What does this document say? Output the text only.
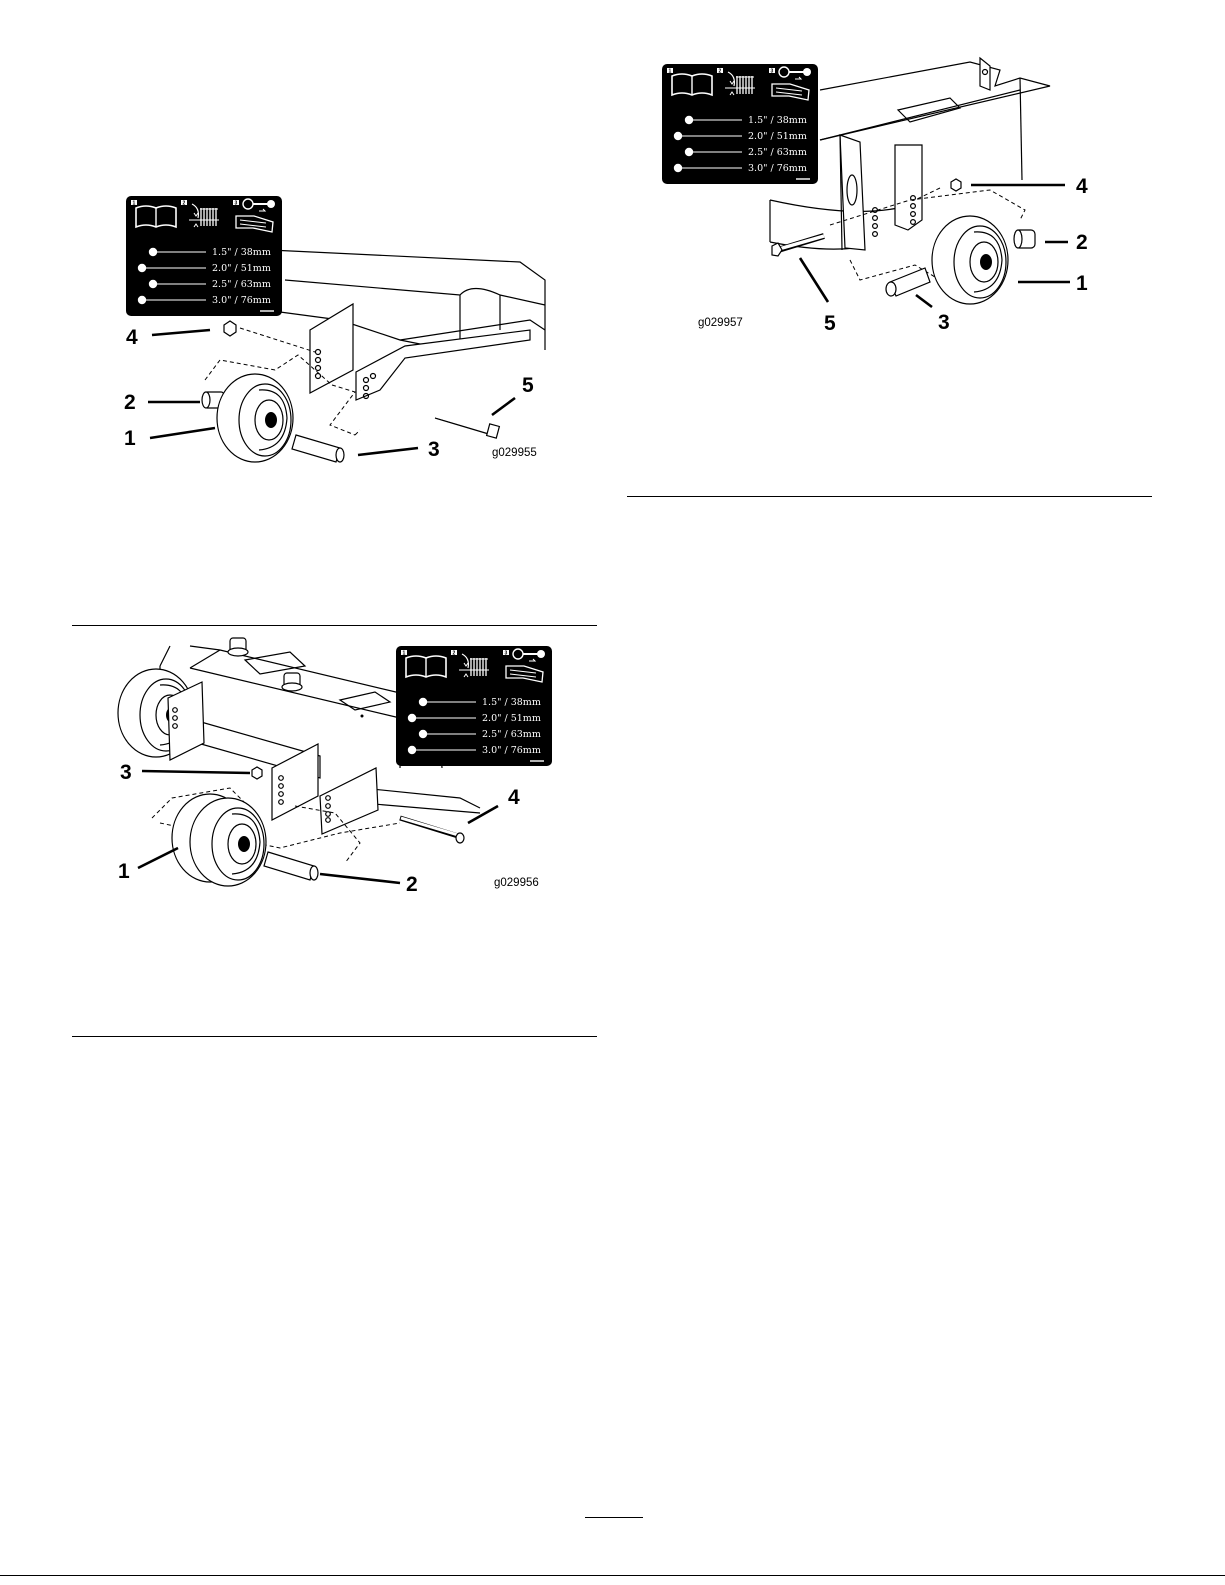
1	2	3
1.5" / 38mm
2.0" / 51mm
2.5" / 63mm
3.0" / 76mm
4
2
1	3
5
g029955
1	2	3
1.5" / 38mm
2.0" / 51mm
2.5" / 63mm
3.0" / 76mm
4
2
1
3
5
g029957
1	2	3
1.5" / 38mm
2.0" / 51mm
2.5" / 63mm
3.0" / 76mm
3
1
2
4
g029956
